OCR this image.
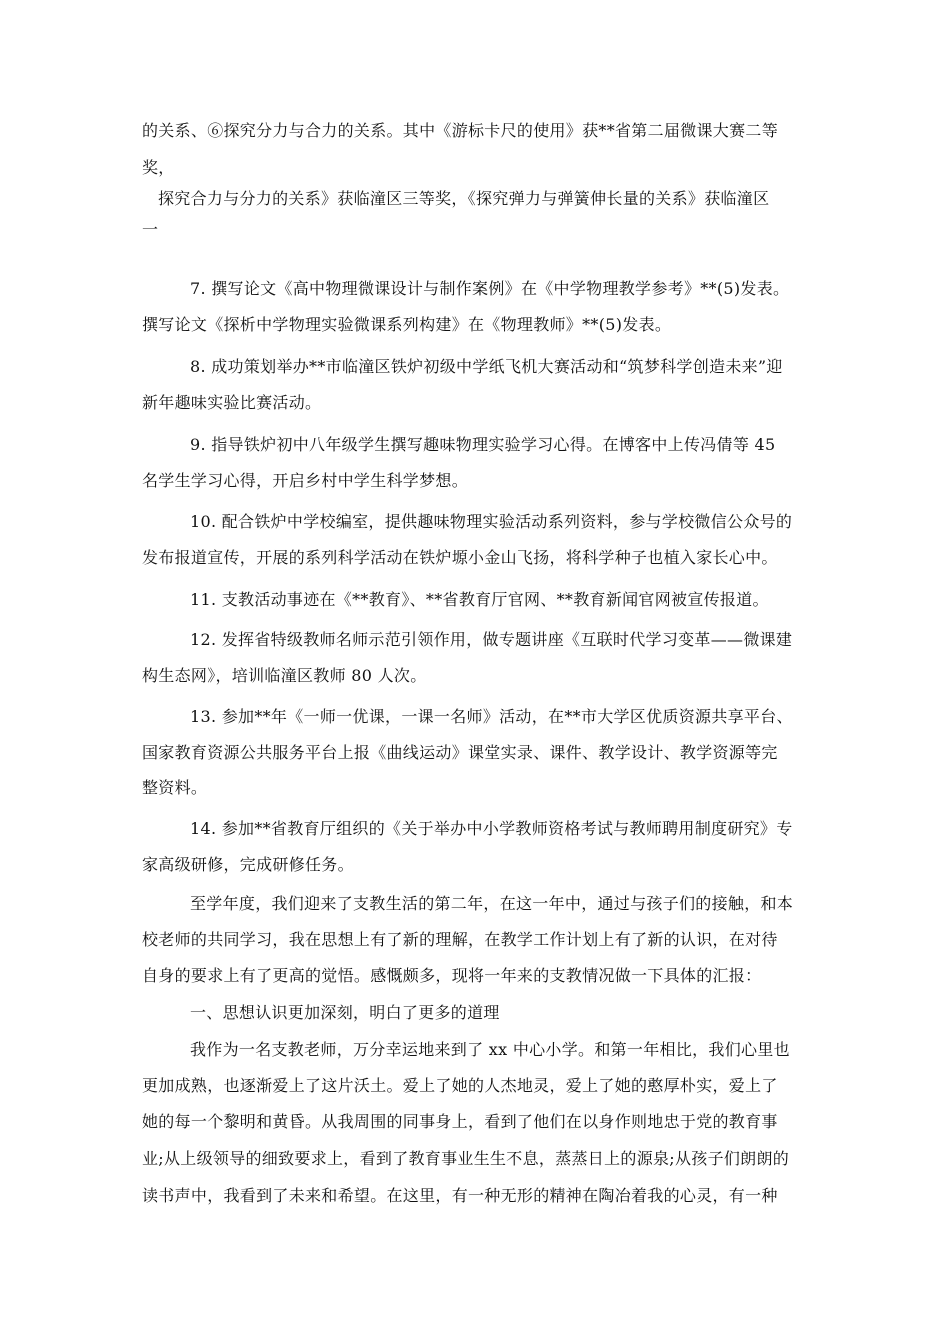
的关系、⑥探究分力与合力的关系。其中《游标卡尺的使用》获**省第二届微课大赛二等
奖，
探究合力与分力的关系》获临潼区三等奖，《探究弹力与弹簧伸长量的关系》获临潼区
一
7. 撰写论文《高中物理微课设计与制作案例》在《中学物理教学参考》**(5)发表。
撰写论文《探析中学物理实验微课系列构建》在《物理教师》**(5)发表。
8. 成功策划举办**市临潼区铁炉初级中学纸飞机大赛活动和“筑梦科学创造未来”迎
新年趣味实验比赛活动。
9. 指导铁炉初中八年级学生撰写趣味物理实验学习心得。在博客中上传冯倩等 45
名学生学习心得，开启乡村中学生科学梦想。
10. 配合铁炉中学校编室，提供趣味物理实验活动系列资料，参与学校微信公众号的
发布报道宣传，开展的系列科学活动在铁炉塬小金山飞扬，将科学种子也植入家长心中。
11. 支教活动事迹在《**教育》、**省教育厅官网、**教育新闻官网被宣传报道。
12. 发挥省特级教师名师示范引领作用，做专题讲座《互联时代学习变革——微课建
构生态网》，培训临潼区教师 80 人次。
13. 参加**年《一师一优课，一课一名师》活动，在**市大学区优质资源共享平台、
国家教育资源公共服务平台上报《曲线运动》课堂实录、课件、教学设计、教学资源等完
整资料。
14. 参加**省教育厅组织的《关于举办中小学教师资格考试与教师聘用制度研究》专
家高级研修，完成研修任务。
至学年度，我们迎来了支教生活的第二年，在这一年中，通过与孩子们的接触，和本
校老师的共同学习，我在思想上有了新的理解，在教学工作计划上有了新的认识，在对待
自身的要求上有了更高的觉悟。感慨颇多，现将一年来的支教情况做一下具体的汇报：
一、思想认识更加深刻，明白了更多的道理
我作为一名支教老师，万分幸运地来到了 xx 中心小学。和第一年相比，我们心里也
更加成熟，也逐渐爱上了这片沃土。爱上了她的人杰地灵，爱上了她的憨厚朴实，爱上了
她的每一个黎明和黄昏。从我周围的同事身上，看到了他们在以身作则地忠于党的教育事
业;从上级领导的细致要求上，看到了教育事业生生不息，蒸蒸日上的源泉;从孩子们朗朗的
读书声中，我看到了未来和希望。在这里，有一种无形的精神在陶冶着我的心灵，有一种
